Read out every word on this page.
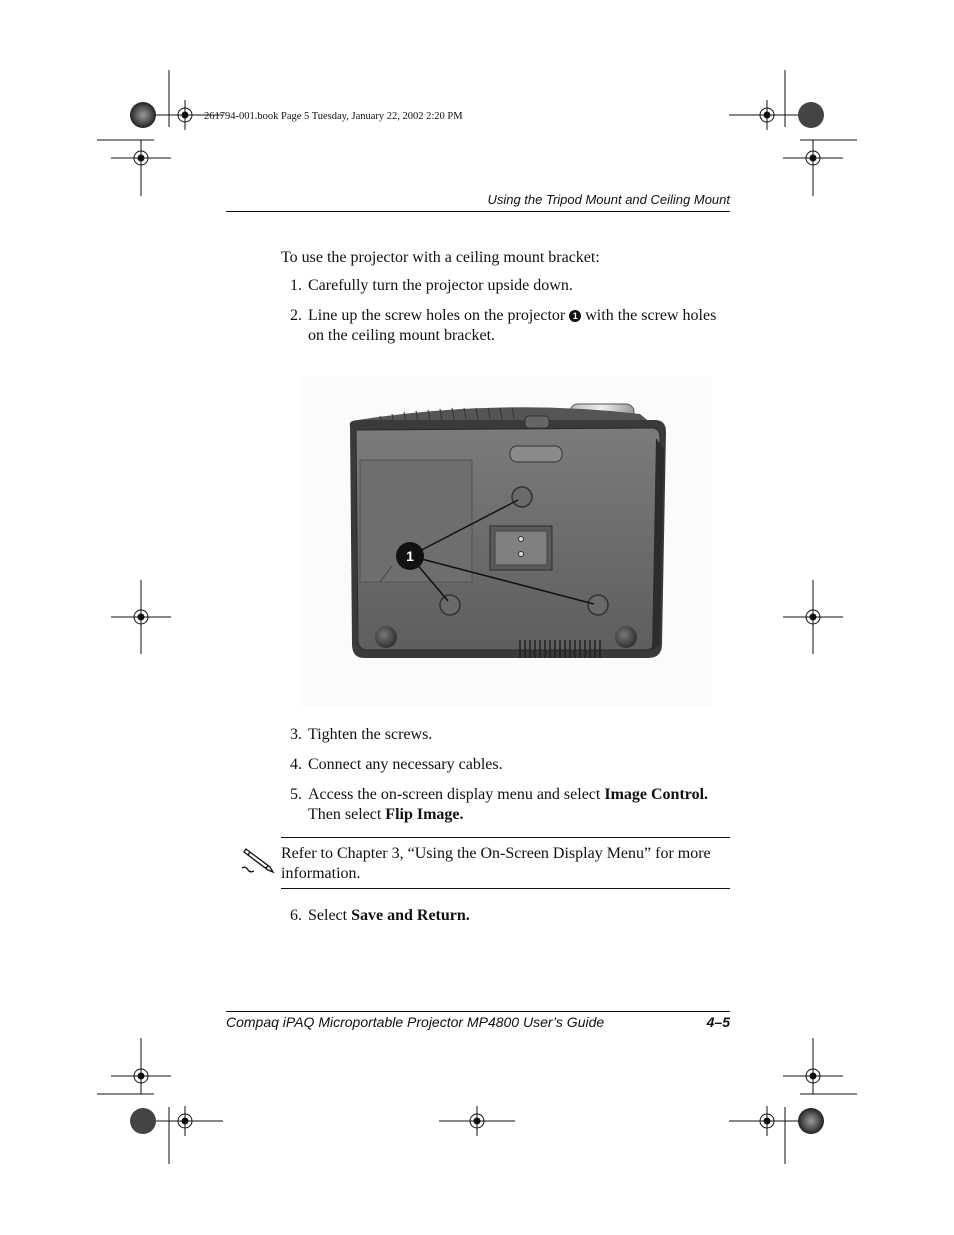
261794-001.book Page 5 Tuesday, January 22, 2002 2:20 PM
Using the Tripod Mount and Ceiling Mount
To use the projector with a ceiling mount bracket:
1. Carefully turn the projector upside down.
2. Line up the screw holes on the projector 1 with the screw holes on the ceiling mount bracket.
1
3. Tighten the screws.
4. Connect any necessary cables.
5. Access the on-screen display menu and select Image Control. Then select Flip Image.
Refer to Chapter 3, “Using the On-Screen Display Menu” for more information.
6. Select Save and Return.
Compaq iPAQ Microportable Projector MP4800 User’s Guide	4–5
